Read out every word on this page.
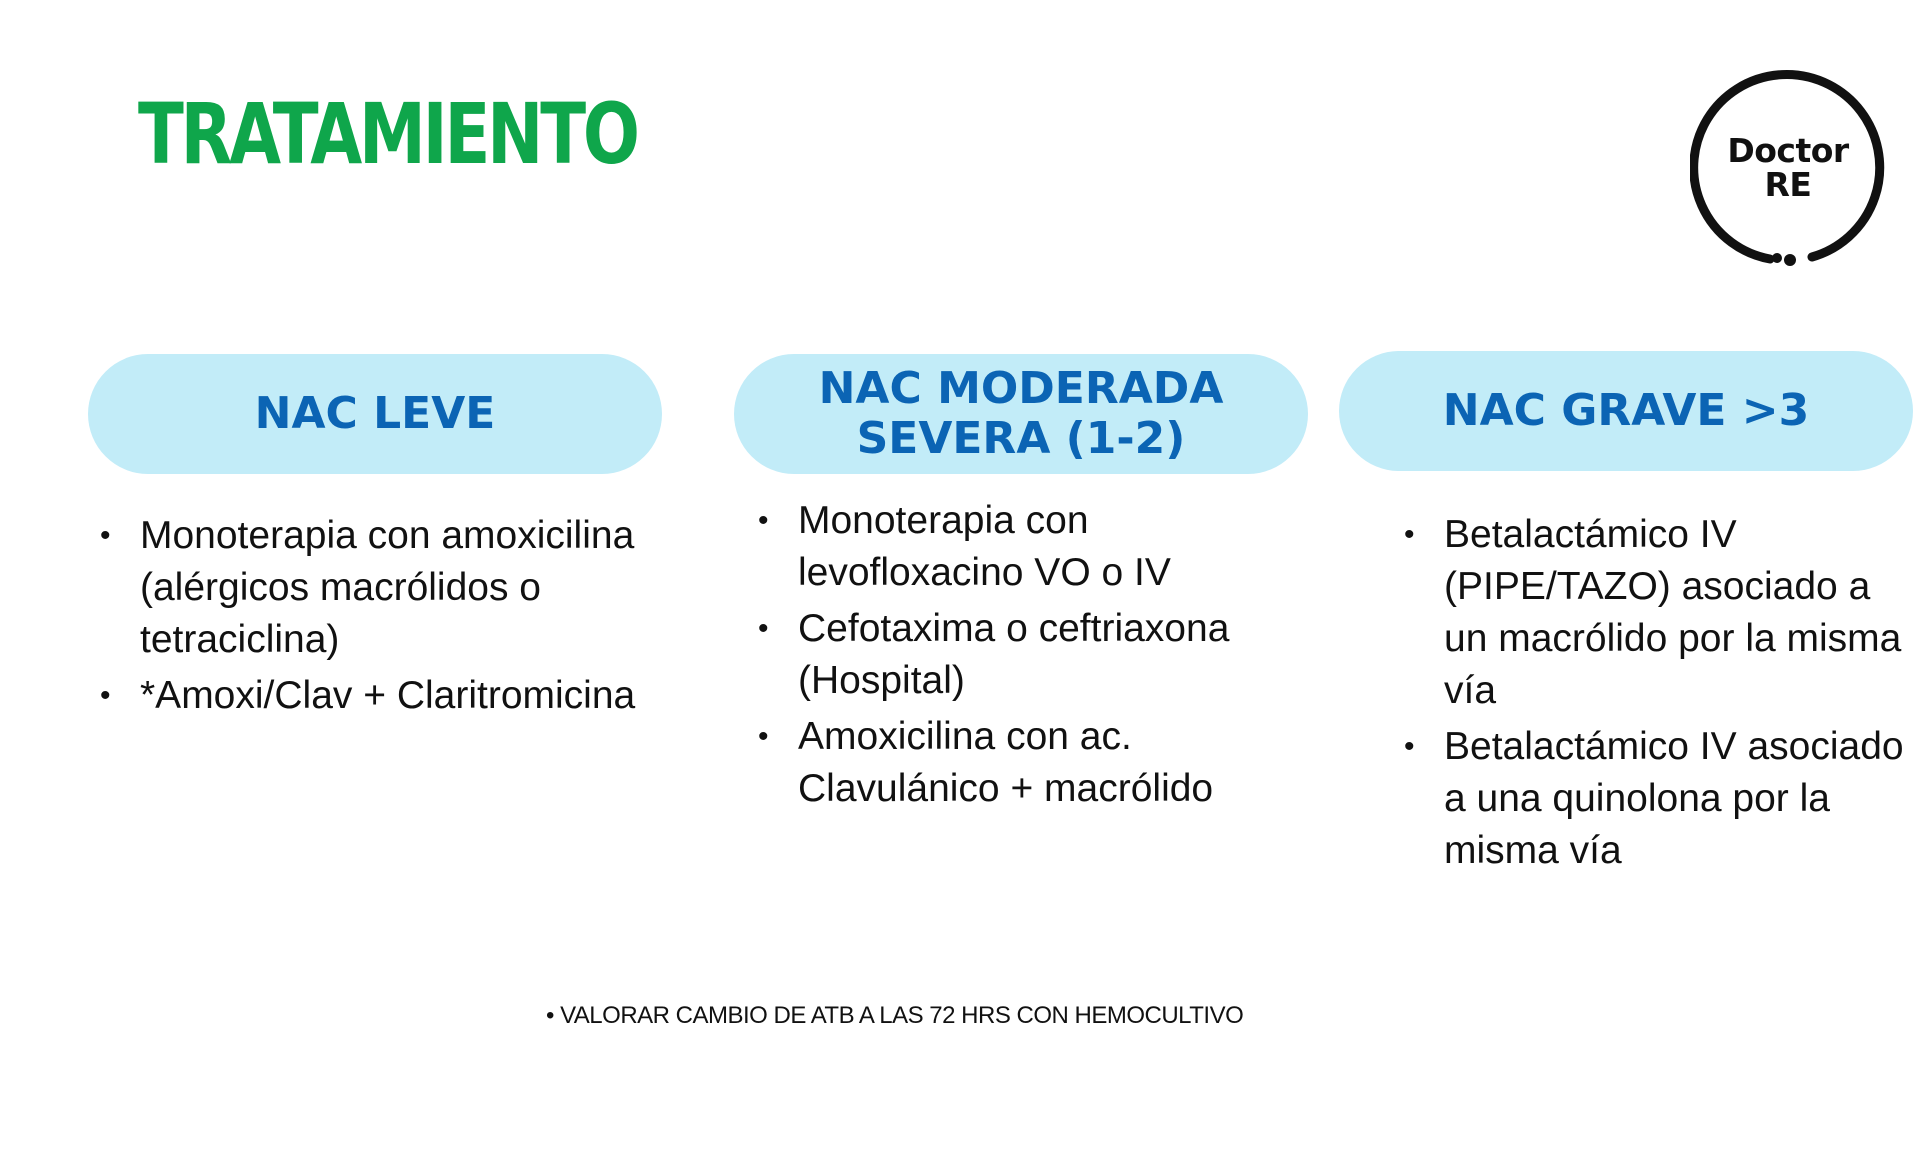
TRATAMIENTO	Doctor
RE
NAC LEVE	NAC MODERADA SEVERA (1-2)
NAC GRAVE >3
• Monoterapia con amoxicilina (alérgicos macrólidos o tetraciclina)
• *Amoxi/Clav + Claritromicina
• Monoterapia con levofloxacino VO o IV
• Cefotaxima o ceftriaxona (Hospital)
• Amoxicilina con ac. Clavulánico + macrólido
• Betalactámico IV (PIPE/TAZO) asociado a un macrólido por la misma vía
• Betalactámico IV asociado a una quinolona por la misma vía
• VALORAR CAMBIO DE ATB A LAS 72 HRS CON HEMOCULTIVO
